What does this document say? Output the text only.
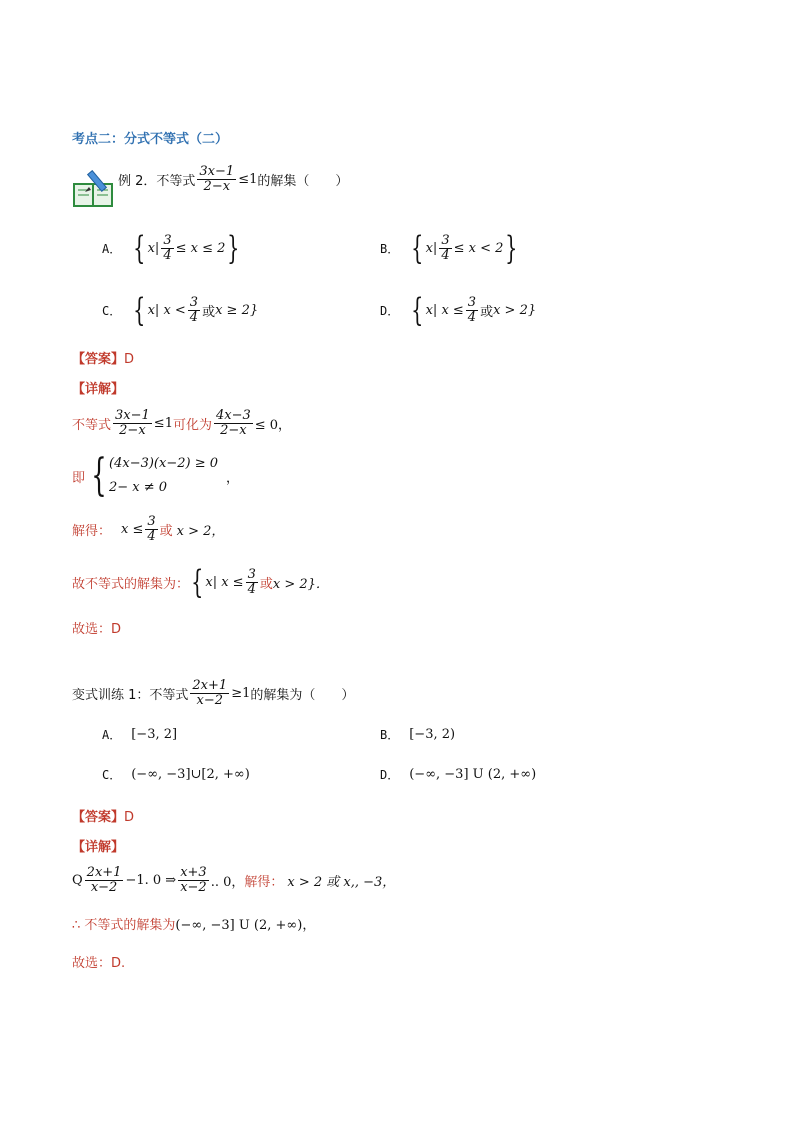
考点二：分式不等式（二）
例 2．不等式 $\frac{3x-1}{2-x} \le 1$ 的解集（　　）
A． { $x| \frac{3}{4} \le x \le 2$ }	B． { $x| \frac{3}{4} \le x < 2$ }
C． { x| $x < \frac{3}{4}$ 或 x ≥ 2}	D． { x| $x \le \frac{3}{4}$ 或 x > 2}
【答案】D
【详解】
不等式 $\frac{3x-1}{2-x} \le 1$ 可化为 $\frac{4x-3}{2-x} \le 0$，
即 { (4x−3)(x−2) ≥ 0
2− x ≠ 0
，
解得： $x \le \frac{3}{4}$ 或 x > 2，
故不等式的解集为： { x| $x \le \frac{3}{4}$ 或 x > 2}．
故选：D
变式训练 1：不等式 $\frac{2x+1}{x-2} \ge 1$ 的解集为（　　）
A． [−3, 2]	B． [−3, 2)
C． (−∞, −3]∪[2, +∞)	D． (−∞, −3] U (2, +∞)
【答案】D
【详解】
Q $\frac{2x+1}{x-2} -1$. 0 ⇒ $\frac{x+3}{x-2}$ .. 0， 解得： x > 2 或 x,, −3，
∴ 不等式的解集为 (−∞, −3] U (2, +∞)，
故选：D.
